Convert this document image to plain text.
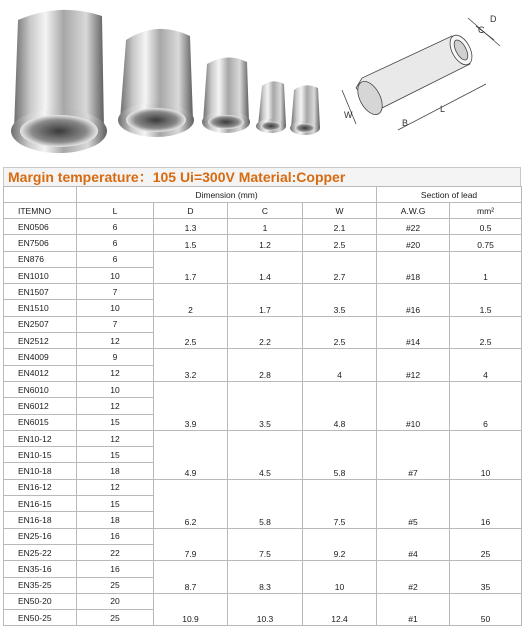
D
C
W
B
L
Margin temperature：105 Ui=300V Material:Copper
	Dimension (mm)				Section of lead	
ITEMNO	L	D	C	W	A.W.G	mm²
EN0506	6	1.3	1	2.1	#22	0.5
EN7506	6	1.5	1.2	2.5	#20	0.75
EN876	6	1.7	1.4	2.7	#18	1
EN1010	10					
EN1507	7	2	1.7	3.5	#16	1.5
EN1510	10					
EN2507	7	2.5	2.2	2.5	#14	2.5
EN2512	12					
EN4009	9	3.2	2.8	4	#12	4
EN4012	12					
EN6010	10	3.9	3.5	4.8	#10	6
EN6012	12					
EN6015	15					
EN10-12	12	4.9	4.5	5.8	#7	10
EN10-15	15					
EN10-18	18					
EN16-12	12	6.2	5.8	7.5	#5	16
EN16-15	15					
EN16-18	18					
EN25-16	16	7.9	7.5	9.2	#4	25
EN25-22	22					
EN35-16	16	8.7	8.3	10	#2	35
EN35-25	25					
EN50-20	20	10.9	10.3	12.4	#1	50
EN50-25	25					
